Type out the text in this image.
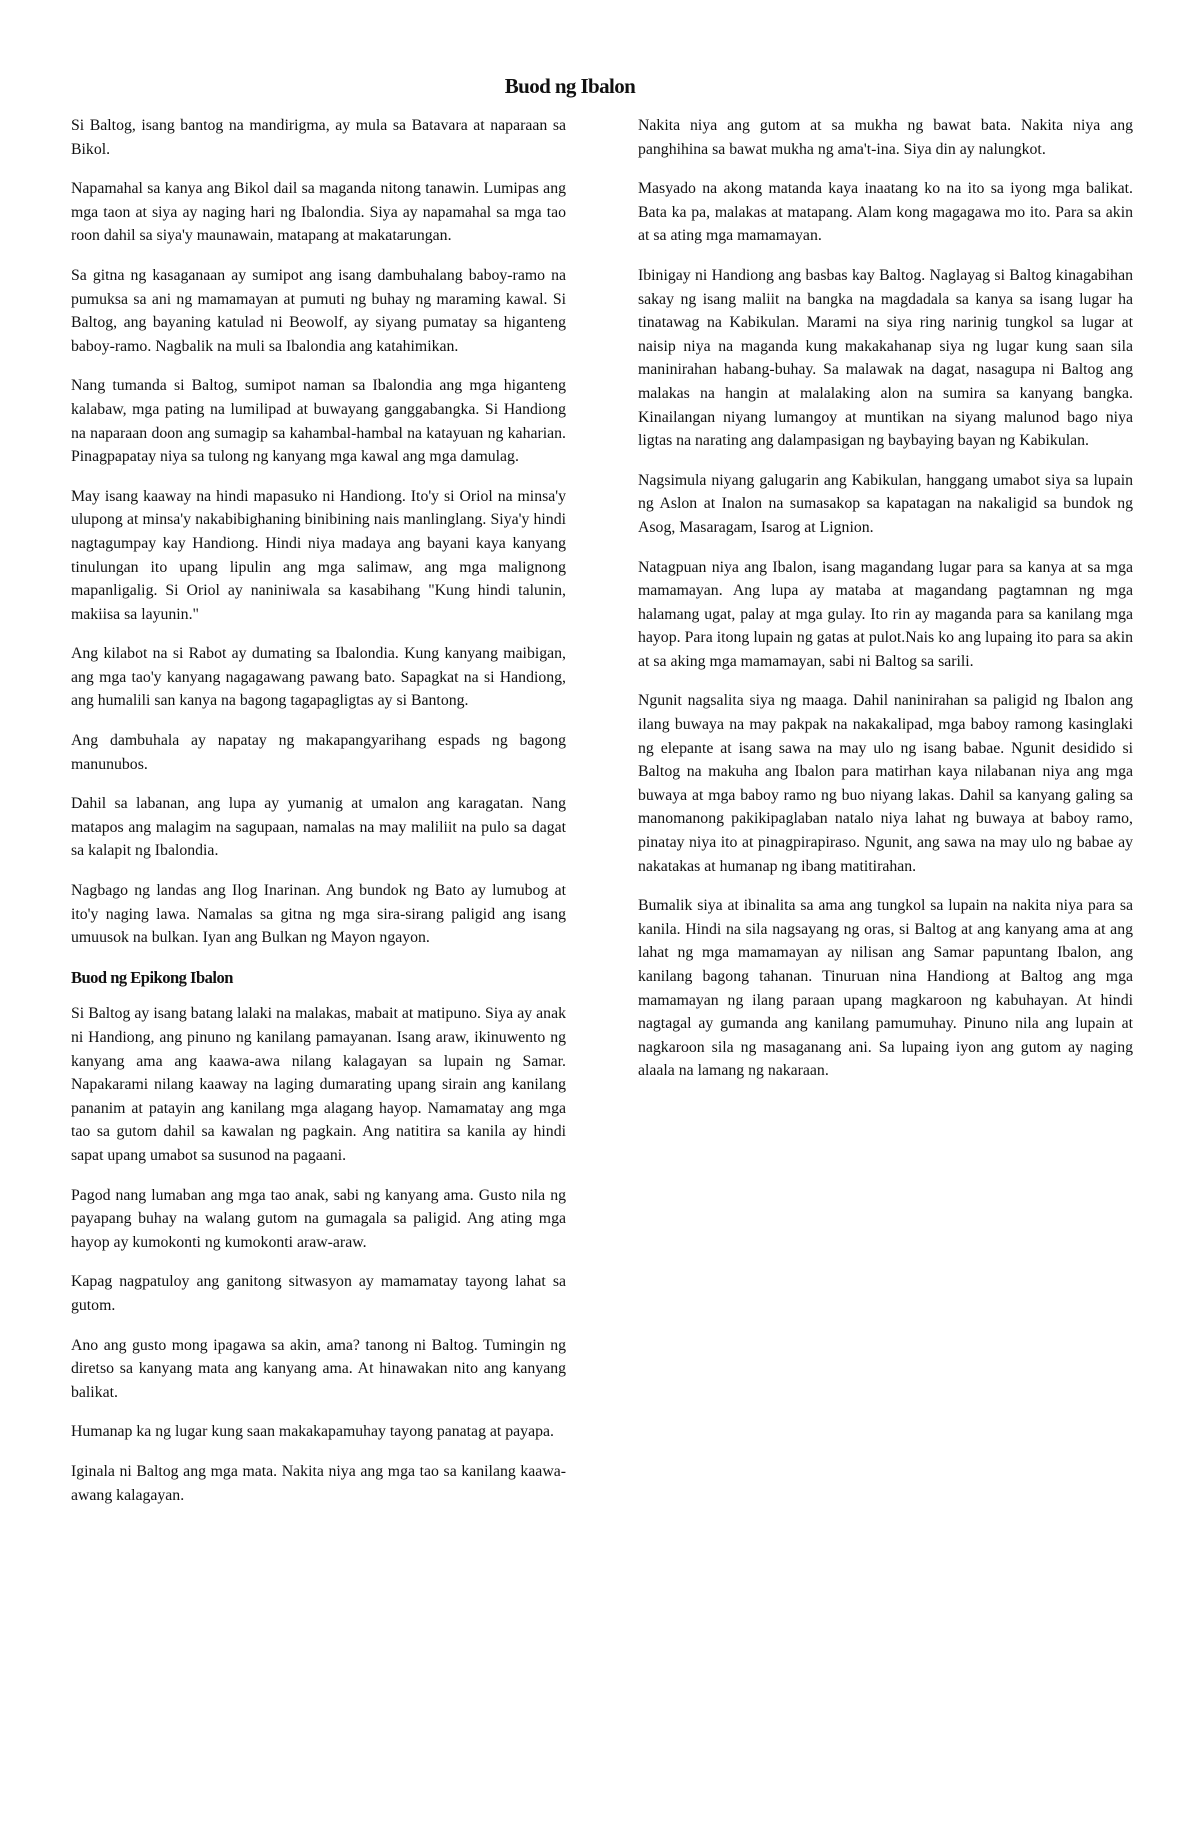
Buod ng Ibalon

Si Baltog, isang bantog na mandirigma, ay mula sa Batavara at naparaan sa Bikol.

Napamahal sa kanya ang Bikol dail sa maganda nitong tanawin. Lumipas ang mga taon at siya ay naging hari ng Ibalondia. Siya ay napamahal sa mga tao roon dahil sa siya'y maunawain, matapang at makatarungan.

Sa gitna ng kasaganaan ay sumipot ang isang dambuhalang baboy-ramo na pumuksa sa ani ng mamamayan at pumuti ng buhay ng maraming kawal. Si Baltog, ang bayaning katulad ni Beowolf, ay siyang pumatay sa higanteng baboy-ramo. Nagbalik na muli sa Ibalondia ang katahimikan.

Nang tumanda si Baltog, sumipot naman sa Ibalondia ang mga higanteng kalabaw, mga pating na lumilipad at buwayang ganggabangka. Si Handiong na naparaan doon ang sumagip sa kahambal-hambal na katayuan ng kaharian. Pinagpapatay niya sa tulong ng kanyang mga kawal ang mga damulag.

May isang kaaway na hindi mapasuko ni Handiong. Ito'y si Oriol na minsa'y ulupong at minsa'y nakabibighaning binibining nais manlinglang. Siya'y hindi nagtagumpay kay Handiong. Hindi niya madaya ang bayani kaya kanyang tinulungan ito upang lipulin ang mga salimaw, ang mga malignong mapanligalig. Si Oriol ay naniniwala sa kasabihang "Kung hindi talunin, makiisa sa layunin."

Ang kilabot na si Rabot ay dumating sa Ibalondia. Kung kanyang maibigan, ang mga tao'y kanyang nagagawang pawang bato. Sapagkat na si Handiong, ang humalili san kanya na bagong tagapagligtas ay si Bantong.

Ang dambuhala ay napatay ng makapangyarihang espads ng bagong manunubos.

Dahil sa labanan, ang lupa ay yumanig at umalon ang karagatan. Nang matapos ang malagim na sagupaan, namalas na may maliliit na pulo sa dagat sa kalapit ng Ibalondia.

Nagbago ng landas ang Ilog Inarinan. Ang bundok ng Bato ay lumubog at ito'y naging lawa. Namalas sa gitna ng mga sira-sirang paligid ang isang umuusok na bulkan. Iyan ang Bulkan ng Mayon ngayon.

Buod ng Epikong Ibalon

Si Baltog ay isang batang lalaki na malakas, mabait at matipuno. Siya ay anak ni Handiong, ang pinuno ng kanilang pamayanan. Isang araw, ikinuwento ng kanyang ama ang kaawa-awa nilang kalagayan sa lupain ng Samar. Napakarami nilang kaaway na laging dumarating upang sirain ang kanilang pananim at patayin ang kanilang mga alagang hayop. Namamatay ang mga tao sa gutom dahil sa kawalan ng pagkain. Ang natitira sa kanila ay hindi sapat upang umabot sa susunod na pagaani.

Pagod nang lumaban ang mga tao anak, sabi ng kanyang ama. Gusto nila ng payapang buhay na walang gutom na gumagala sa paligid. Ang ating mga hayop ay kumokonti ng kumokonti araw-araw.

Kapag nagpatuloy ang ganitong sitwasyon ay mamamatay tayong lahat sa gutom.

Ano ang gusto mong ipagawa sa akin, ama? tanong ni Baltog. Tumingin ng diretso sa kanyang mata ang kanyang ama. At hinawakan nito ang kanyang balikat.

Humanap ka ng lugar kung saan makakapamuhay tayong panatag at payapa.

Iginala ni Baltog ang mga mata. Nakita niya ang mga tao sa kanilang kaawa-awang kalagayan.

Nakita niya ang gutom at sa mukha ng bawat bata. Nakita niya ang panghihina sa bawat mukha ng ama't-ina. Siya din ay nalungkot.

Masyado na akong matanda kaya inaatang ko na ito sa iyong mga balikat. Bata ka pa, malakas at matapang. Alam kong magagawa mo ito. Para sa akin at sa ating mga mamamayan.

Ibinigay ni Handiong ang basbas kay Baltog. Naglayag si Baltog kinagabihan sakay ng isang maliit na bangka na magdadala sa kanya sa isang lugar ha tinatawag na Kabikulan. Marami na siya ring narinig tungkol sa lugar at naisip niya na maganda kung makakahanap siya ng lugar kung saan sila maninirahan habang-buhay. Sa malawak na dagat, nasagupa ni Baltog ang malakas na hangin at malalaking alon na sumira sa kanyang bangka. Kinailangan niyang lumangoy at muntikan na siyang malunod bago niya ligtas na narating ang dalampasigan ng baybaying bayan ng Kabikulan.

Nagsimula niyang galugarin ang Kabikulan, hanggang umabot siya sa lupain ng Aslon at Inalon na sumasakop sa kapatagan na nakaligid sa bundok ng Asog, Masaragam, Isarog at Lignion.

Natagpuan niya ang Ibalon, isang magandang lugar para sa kanya at sa mga mamamayan. Ang lupa ay mataba at magandang pagtamnan ng mga halamang ugat, palay at mga gulay. Ito rin ay maganda para sa kanilang mga hayop. Para itong lupain ng gatas at pulot.Nais ko ang lupaing ito para sa akin at sa aking mga mamamayan, sabi ni Baltog sa sarili.

Ngunit nagsalita siya ng maaga. Dahil naninirahan sa paligid ng Ibalon ang ilang buwaya na may pakpak na nakakalipad, mga baboy ramong kasinglaki ng elepante at isang sawa na may ulo ng isang babae. Ngunit desidido si Baltog na makuha ang Ibalon para matirhan kaya nilabanan niya ang mga buwaya at mga baboy ramo ng buo niyang lakas. Dahil sa kanyang galing sa manomanong pakikipaglaban natalo niya lahat ng buwaya at baboy ramo, pinatay niya ito at pinagpirapiraso. Ngunit, ang sawa na may ulo ng babae ay nakatakas at humanap ng ibang matitirahan.

Bumalik siya at ibinalita sa ama ang tungkol sa lupain na nakita niya para sa kanila. Hindi na sila nagsayang ng oras, si Baltog at ang kanyang ama at ang lahat ng mga mamamayan ay nilisan ang Samar papuntang Ibalon, ang kanilang bagong tahanan. Tinuruan nina Handiong at Baltog ang mga mamamayan ng ilang paraan upang magkaroon ng kabuhayan. At hindi nagtagal ay gumanda ang kanilang pamumuhay. Pinuno nila ang lupain at nagkaroon sila ng masaganang ani. Sa lupaing iyon ang gutom ay naging alaala na lamang ng nakaraan.
